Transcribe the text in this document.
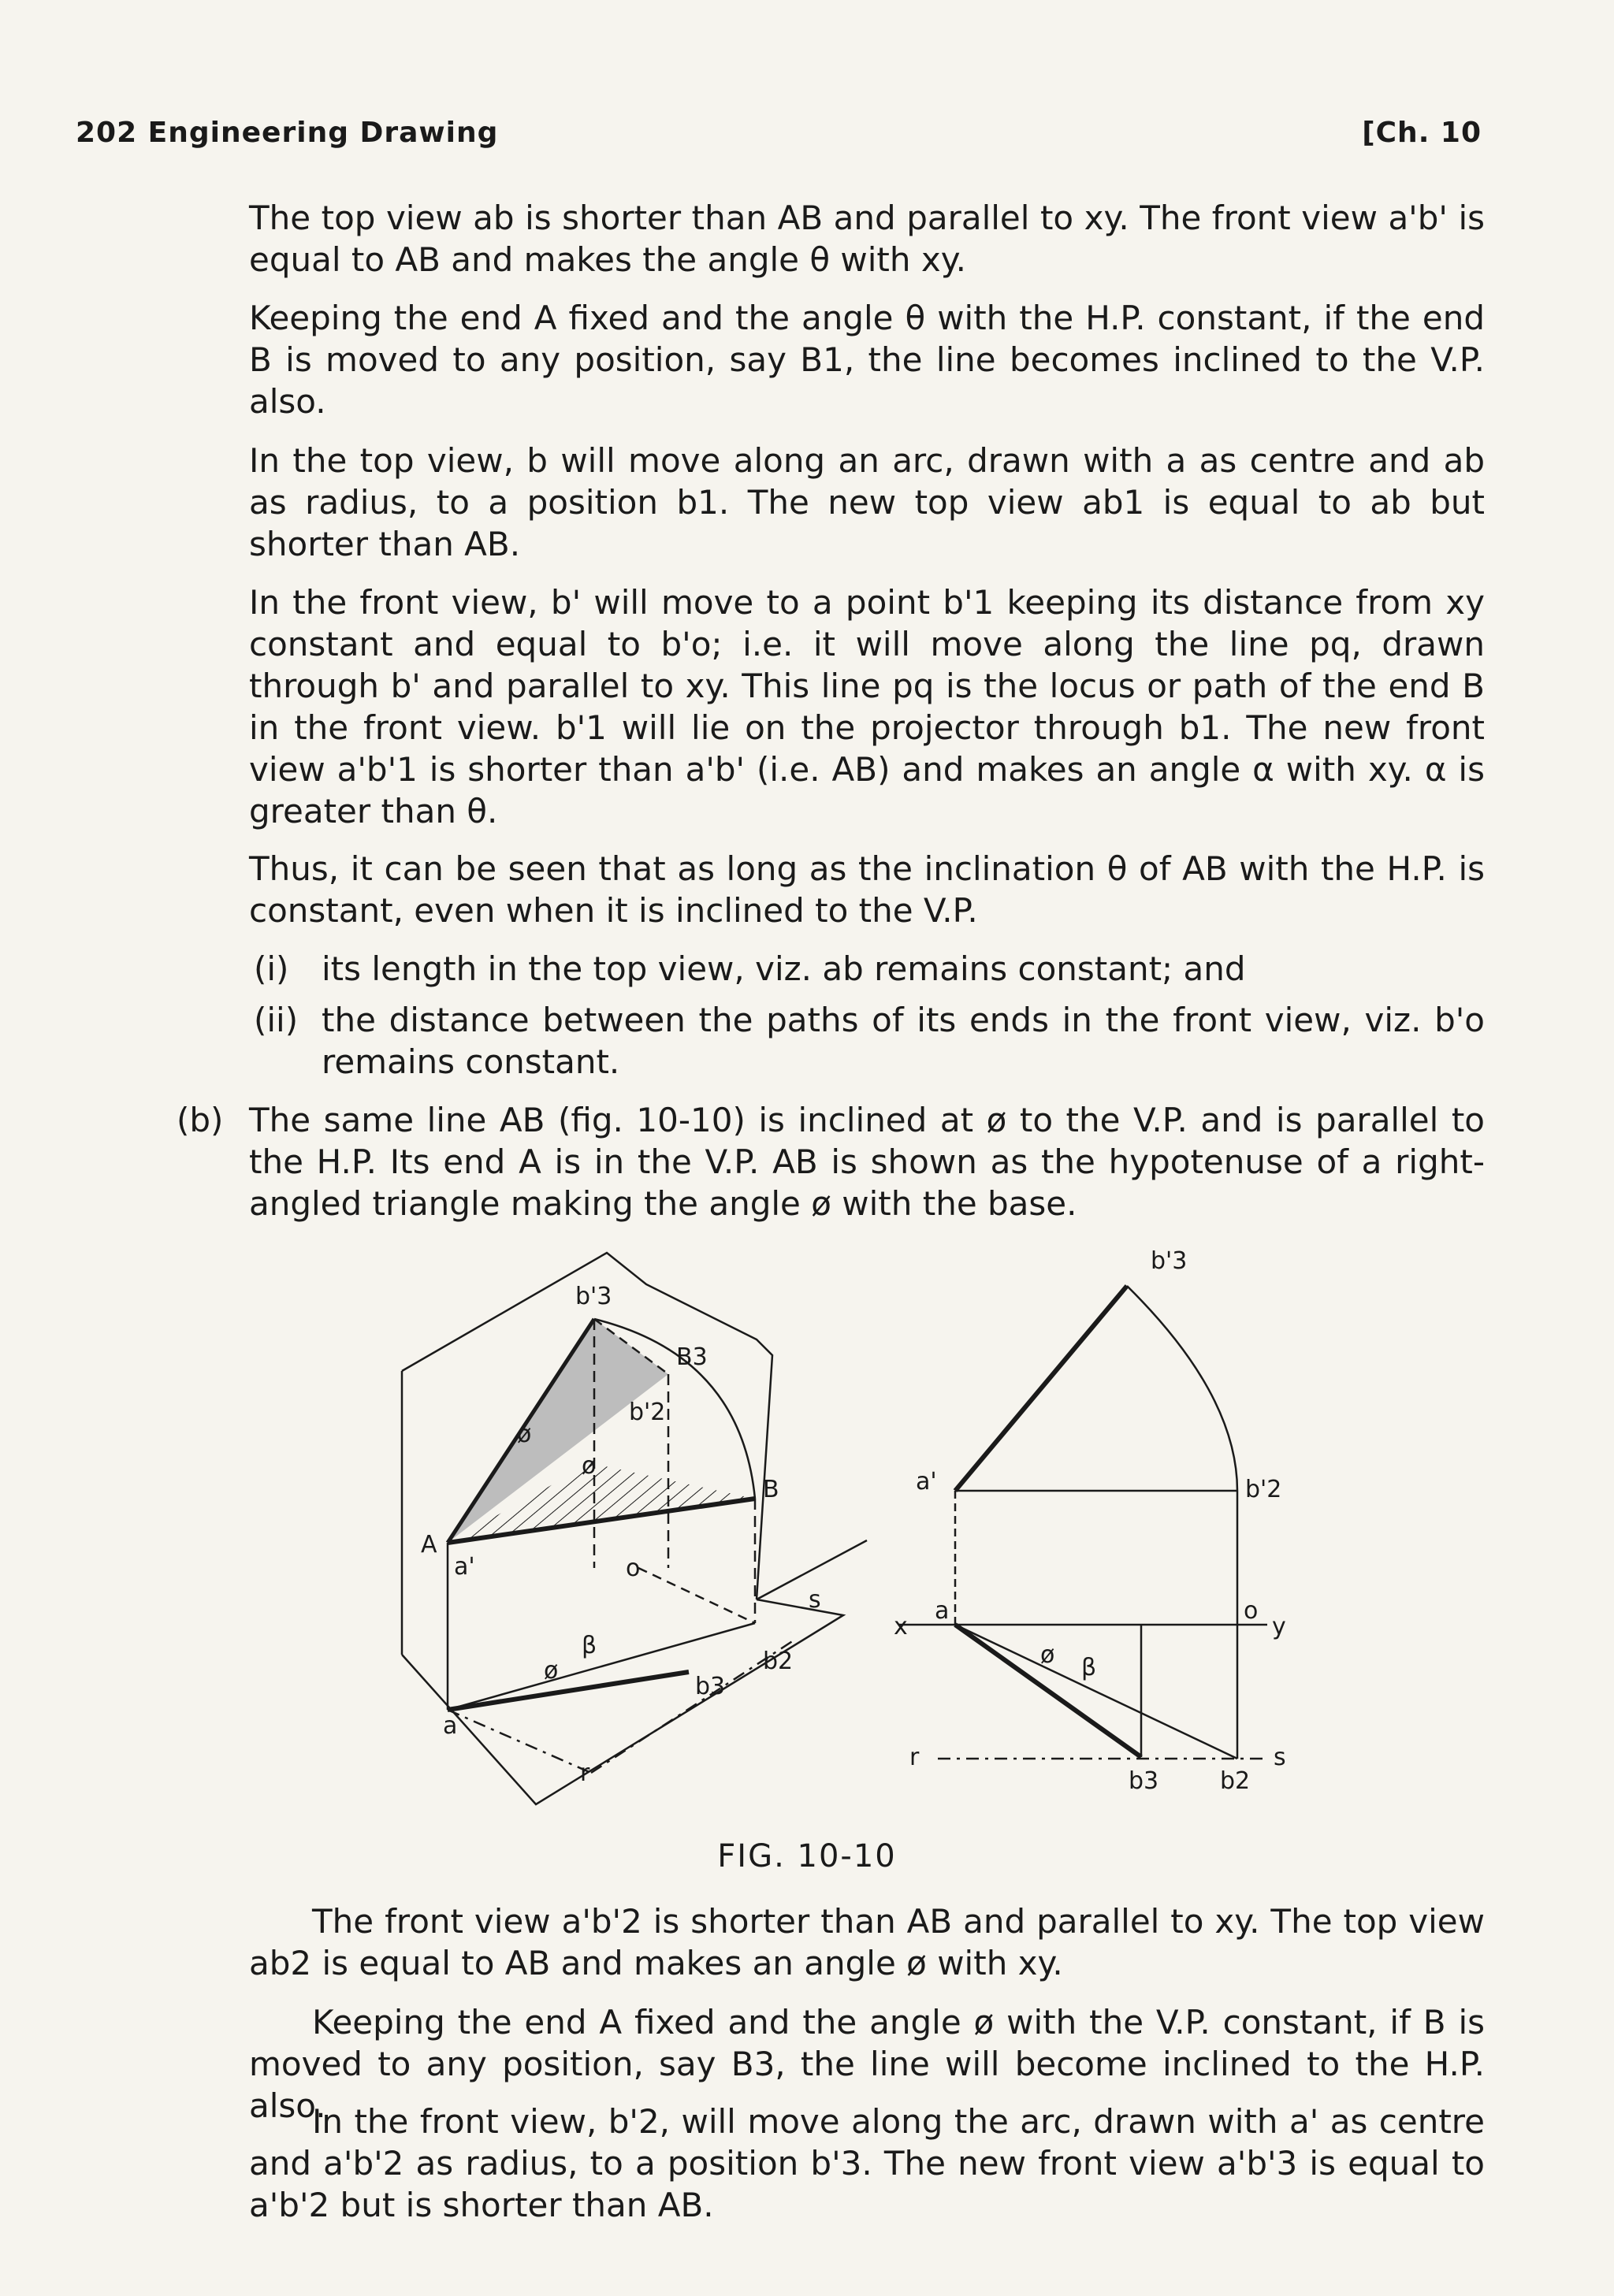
202 Engineering Drawing	[Ch. 10

The top view ab is shorter than AB and parallel to xy. The front view a'b' is equal to AB and makes the angle θ with xy.

Keeping the end A fixed and the angle θ with the H.P. constant, if the end B is moved to any position, say B1, the line becomes inclined to the V.P. also.

In the top view, b will move along an arc, drawn with a as centre and ab as radius, to a position b1. The new top view ab1 is equal to ab but shorter than AB.

In the front view, b' will move to a point b'1 keeping its distance from xy constant and equal to b'o; i.e. it will move along the line pq, drawn through b' and parallel to xy. This line pq is the locus or path of the end B in the front view. b'1 will lie on the projector through b1. The new front view a'b'1 is shorter than a'b' (i.e. AB) and makes an angle α with xy. α is greater than θ.

Thus, it can be seen that as long as the inclination θ of AB with the H.P. is constant, even when it is inclined to the V.P.

(i) its length in the top view, viz. ab remains constant; and
(ii) the distance between the paths of its ends in the front view, viz. b'o remains constant.
(b) The same line AB (fig. 10-10) is inclined at ø to the V.P. and is parallel to the H.P. Its end A is in the V.P. AB is shown as the hypotenuse of a right-angled triangle making the angle ø with the base.
b'3
B3
b'2
ø
ø
B
A
a'	o
s
ø
β
b2
b3
a
r
b'3
a'	b'2
x
a	o
y
ø β
r	s
b3	b2
FIG. 10-10

The front view a'b'2 is shorter than AB and parallel to xy. The top view ab2 is equal to AB and makes an angle ø with xy.

Keeping the end A fixed and the angle ø with the V.P. constant, if B is moved to any position, say B3, the line will become inclined to the H.P. also.

In the front view, b'2, will move along the arc, drawn with a' as centre and a'b'2 as radius, to a position b'3. The new front view a'b'3 is equal to a'b'2 but is shorter than AB.
